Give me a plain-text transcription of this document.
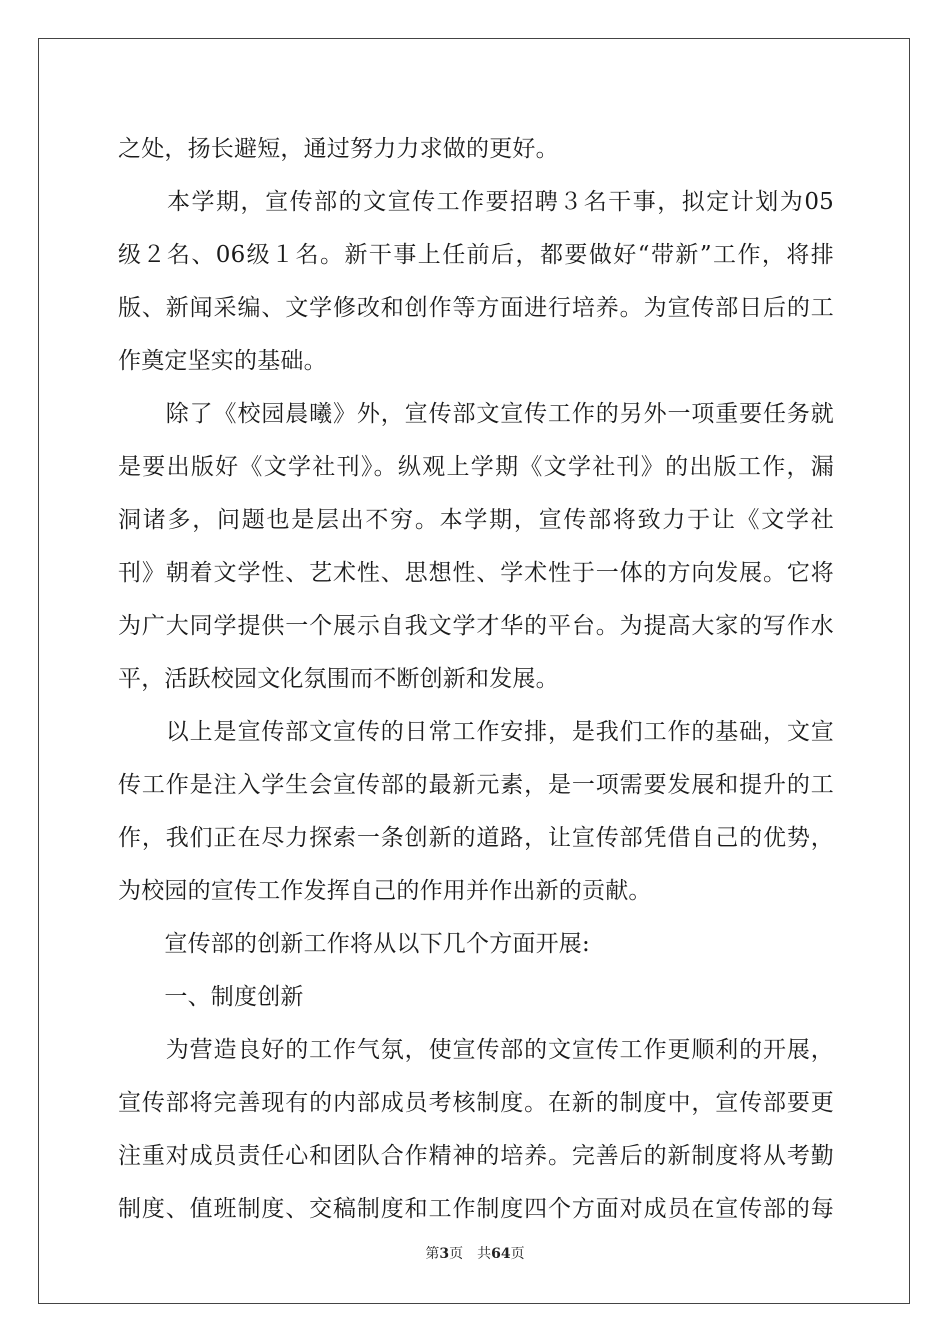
之处，扬长避短，通过努力力求做的更好。
　　本学期，宣传部的文宣传工作要招聘３名干事，拟定计划为05
级２名、06级１名。新干事上任前后，都要做好“带新”工作，将排
版、新闻采编、文学修改和创作等方面进行培养。为宣传部日后的工
作奠定坚实的基础。
　　除了《校园晨曦》外，宣传部文宣传工作的另外一项重要任务就
是要出版好《文学社刊》。纵观上学期《文学社刊》的出版工作，漏
洞诸多，问题也是层出不穷。本学期，宣传部将致力于让《文学社
刊》朝着文学性、艺术性、思想性、学术性于一体的方向发展。它将
为广大同学提供一个展示自我文学才华的平台。为提高大家的写作水
平，活跃校园文化氛围而不断创新和发展。
　　以上是宣传部文宣传的日常工作安排，是我们工作的基础，文宣
传工作是注入学生会宣传部的最新元素，是一项需要发展和提升的工
作，我们正在尽力探索一条创新的道路，让宣传部凭借自己的优势，
为校园的宣传工作发挥自己的作用并作出新的贡献。
　　宣传部的创新工作将从以下几个方面开展:
　　一、制度创新
　　为营造良好的工作气氛，使宣传部的文宣传工作更顺利的开展，
宣传部将完善现有的内部成员考核制度。在新的制度中，宣传部要更
注重对成员责任心和团队合作精神的培养。完善后的新制度将从考勤
制度、值班制度、交稿制度和工作制度四个方面对成员在宣传部的每
第3页 共64页
